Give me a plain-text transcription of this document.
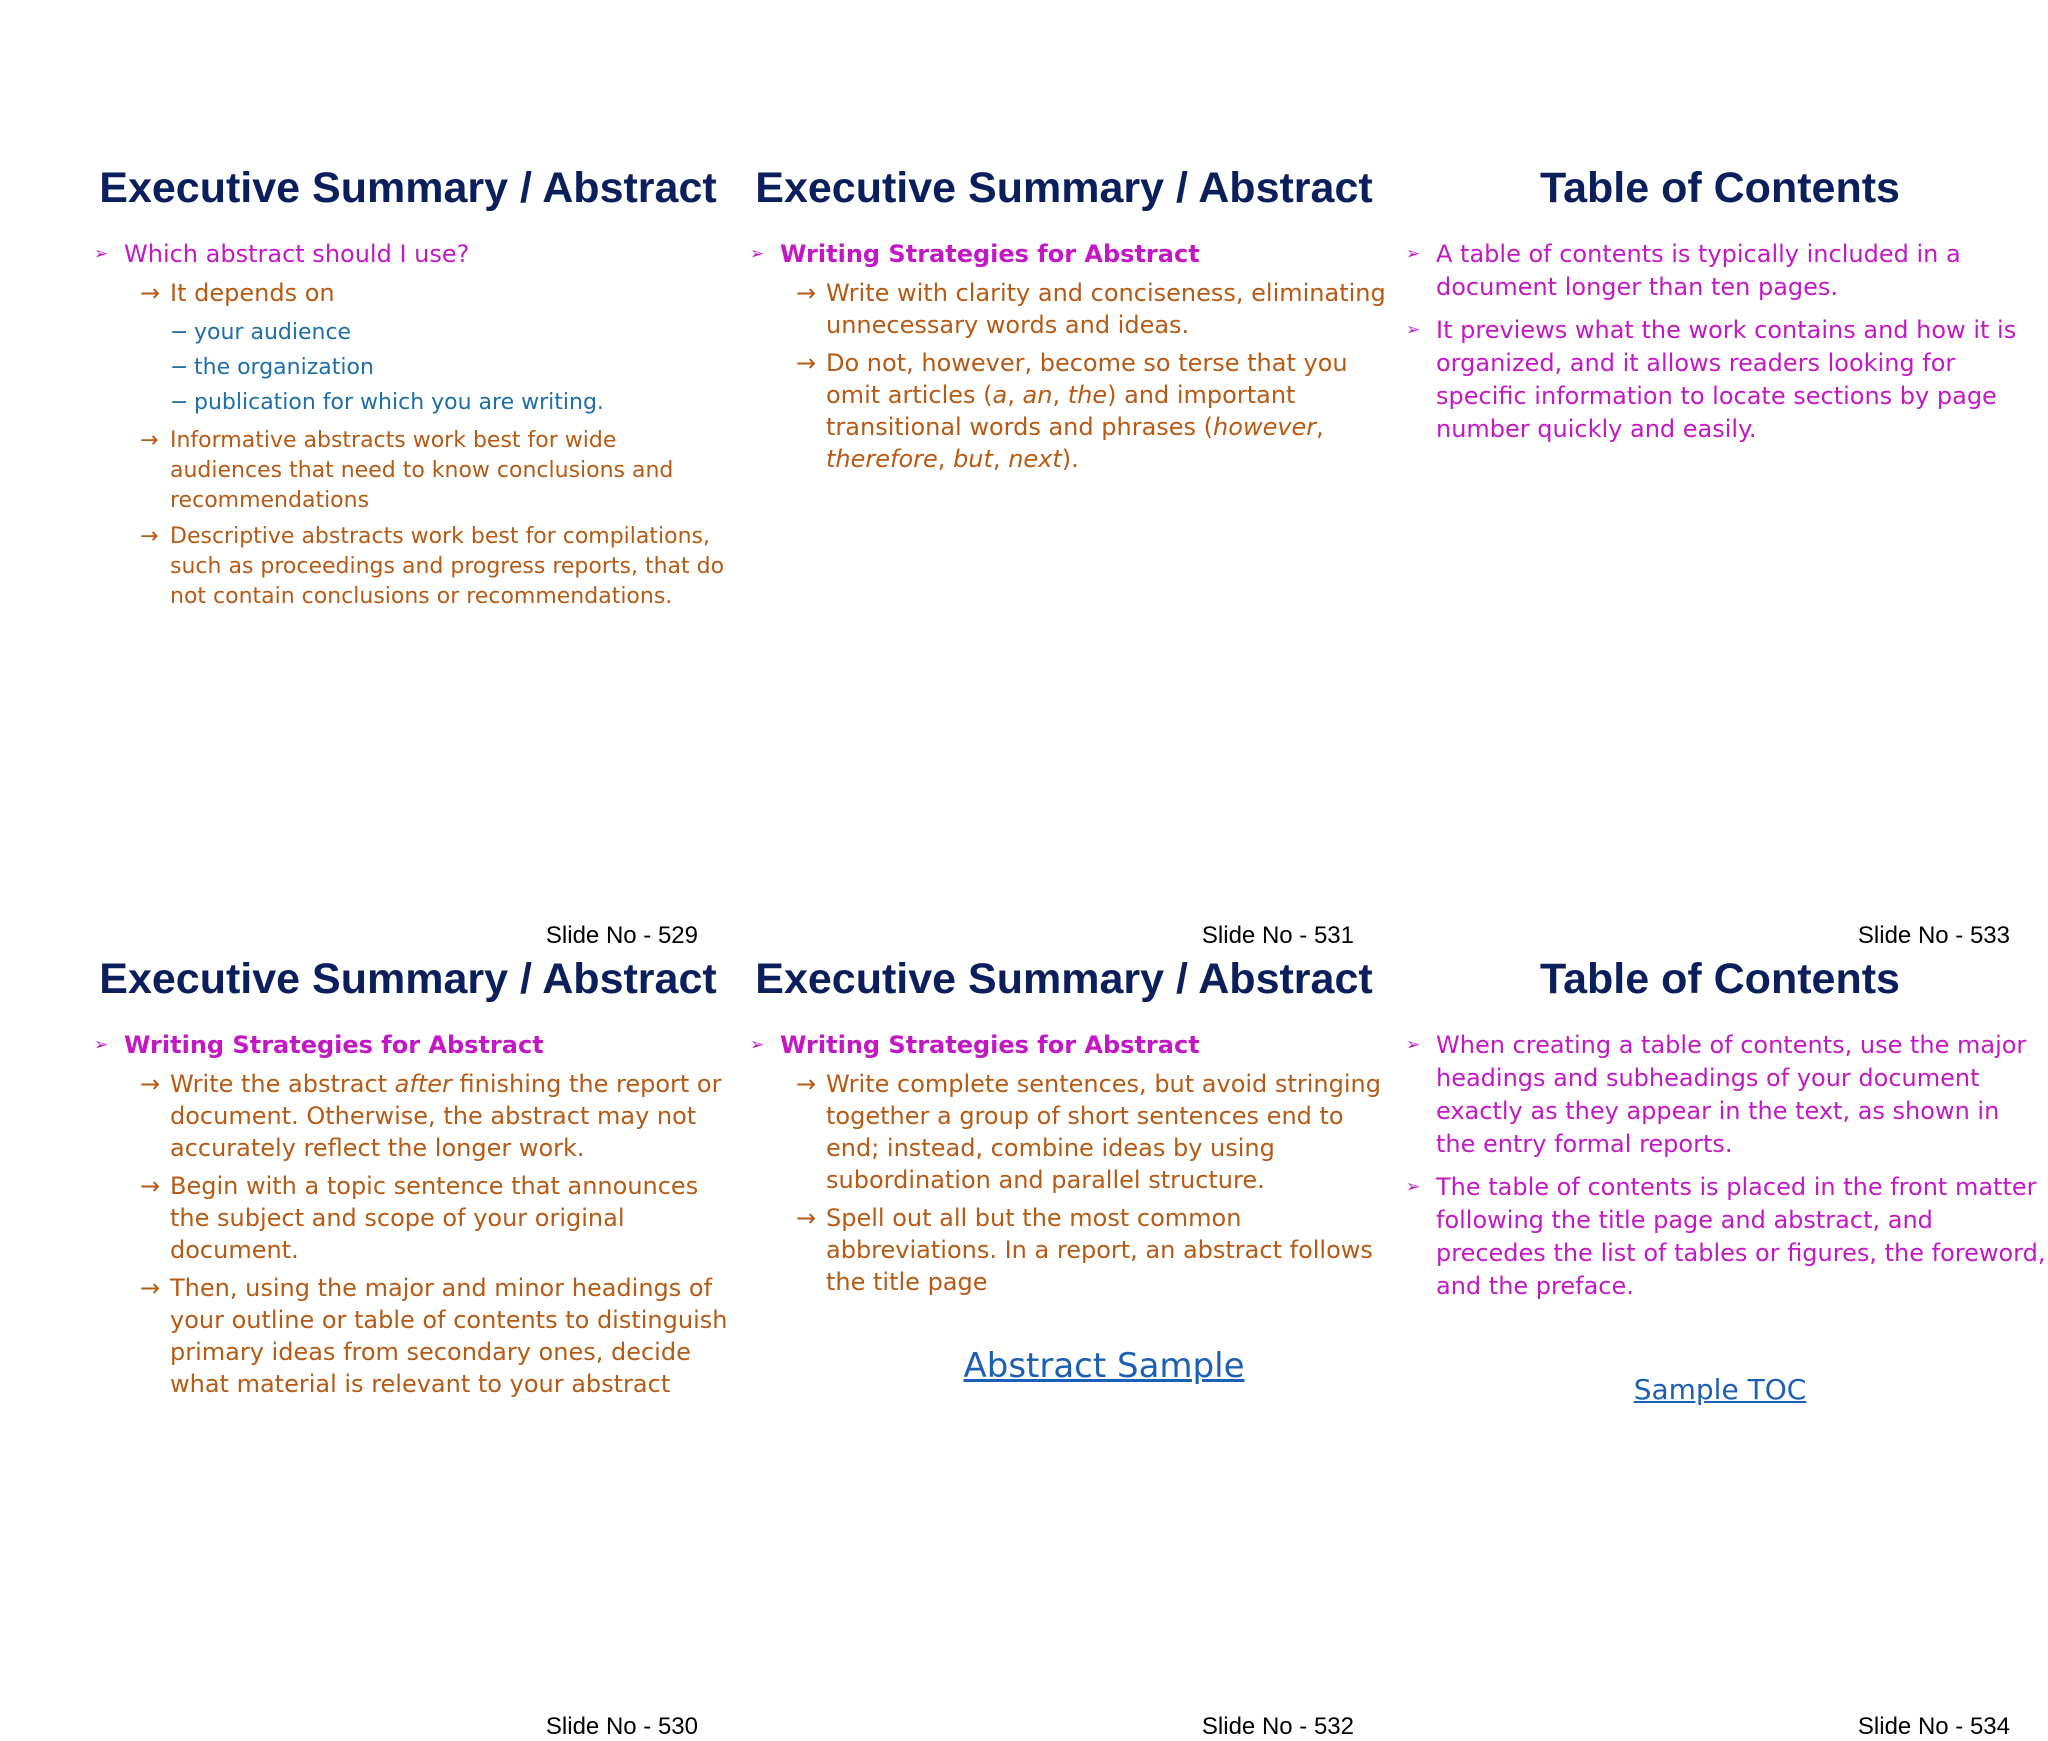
Executive Summary / Abstract
➢ Which abstract should I use?
→ It depends on
− your audience
− the organization
− publication for which you are writing.
→ Informative abstracts work best for wide audiences that need to know conclusions and recommendations
→ Descriptive abstracts work best for compilations, such as proceedings and progress reports, that do not contain conclusions or recommendations.
Slide No - 529
Executive Summary / Abstract
➢ Writing Strategies for Abstract
→ Write with clarity and conciseness, eliminating unnecessary words and ideas.
→ Do not, however, become so terse that you omit articles (a, an, the) and important transitional words and phrases (however, therefore, but, next).
Slide No - 531
Table of Contents
➢ A table of contents is typically included in a document longer than ten pages.
➢ It previews what the work contains and how it is organized, and it allows readers looking for specific information to locate sections by page number quickly and easily.
Slide No - 533
Executive Summary / Abstract
➢ Writing Strategies for Abstract
→ Write the abstract after finishing the report or document. Otherwise, the abstract may not accurately reflect the longer work.
→ Begin with a topic sentence that announces the subject and scope of your original document.
→ Then, using the major and minor headings of your outline or table of contents to distinguish primary ideas from secondary ones, decide what material is relevant to your abstract
Slide No - 530
Executive Summary / Abstract
➢ Writing Strategies for Abstract
→ Write complete sentences, but avoid stringing together a group of short sentences end to end; instead, combine ideas by using subordination and parallel structure.
→ Spell out all but the most common abbreviations. In a report, an abstract follows the title page
Abstract Sample
Slide No - 532
Table of Contents
➢ When creating a table of contents, use the major headings and subheadings of your document exactly as they appear in the text, as shown in the entry formal reports.
➢ The table of contents is placed in the front matter following the title page and abstract, and precedes the list of tables or figures, the foreword, and the preface.
Sample TOC
Slide No - 534
